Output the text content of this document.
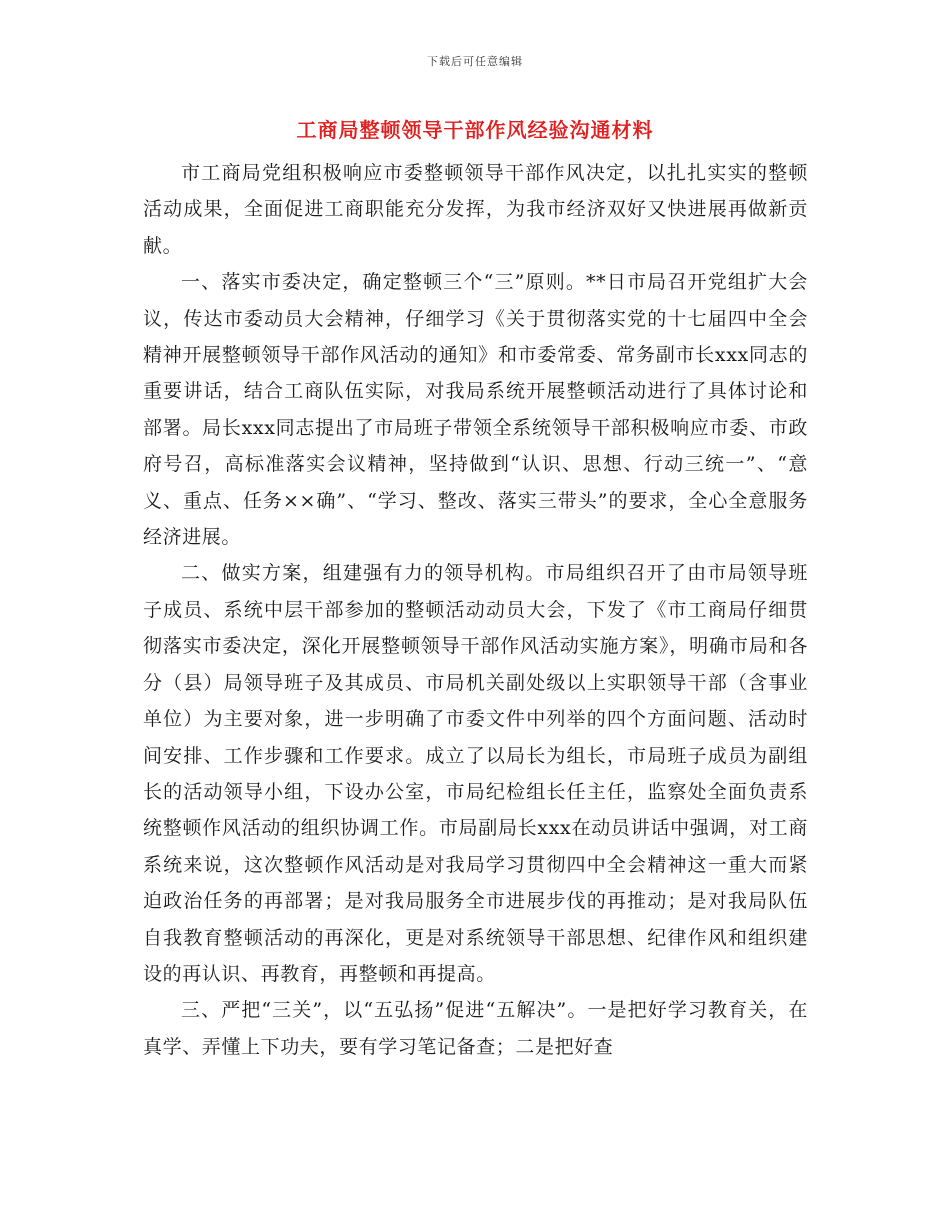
下载后可任意编辑
工商局整顿领导干部作风经验沟通材料

市工商局党组积极响应市委整顿领导干部作风决定，以扎扎实实的整顿活动成果，全面促进工商职能充分发挥，为我市经济双好又快进展再做新贡献。

一、落实市委决定，确定整顿三个“三”原则。**日市局召开党组扩大会议，传达市委动员大会精神，仔细学习《关于贯彻落实党的十七届四中全会精神开展整顿领导干部作风活动的通知》和市委常委、常务副市长xxx同志的重要讲话，结合工商队伍实际，对我局系统开展整顿活动进行了具体讨论和部署。局长xxx同志提出了市局班子带领全系统领导干部积极响应市委、市政府号召，高标准落实会议精神，坚持做到“认识、思想、行动三统一”、“意义、重点、任务××确”、“学习、整改、落实三带头”的要求，全心全意服务经济进展。

二、做实方案，组建强有力的领导机构。市局组织召开了由市局领导班子成员、系统中层干部参加的整顿活动动员大会，下发了《市工商局仔细贯彻落实市委决定，深化开展整顿领导干部作风活动实施方案》，明确市局和各分（县）局领导班子及其成员、市局机关副处级以上实职领导干部（含事业单位）为主要对象，进一步明确了市委文件中列举的四个方面问题、活动时间安排、工作步骤和工作要求。成立了以局长为组长，市局班子成员为副组长的活动领导小组，下设办公室，市局纪检组长任主任，监察处全面负责系统整顿作风活动的组织协调工作。市局副局长xxx在动员讲话中强调，对工商系统来说，这次整顿作风活动是对我局学习贯彻四中全会精神这一重大而紧迫政治任务的再部署；是对我局服务全市进展步伐的再推动；是对我局队伍自我教育整顿活动的再深化，更是对系统领导干部思想、纪律作风和组织建设的再认识、再教育，再整顿和再提高。

三、严把“三关”，以“五弘扬”促进“五解决”。一是把好学习教育关，在真学、弄懂上下功夫，要有学习笔记备查；二是把好查
